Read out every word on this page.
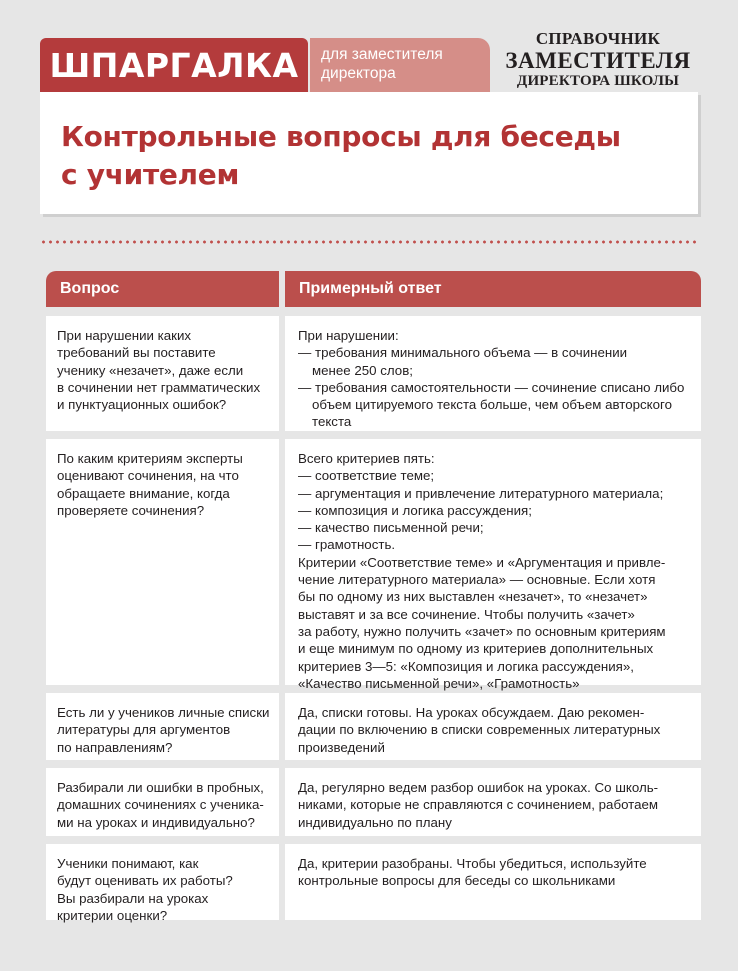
ШПАРГАЛКА	для заместителя
директора
СПРАВОЧНИК
ЗАМЕСТИТЕЛЯ
ДИРЕКТОРА ШКОЛЫ
Контрольные вопросы для беседы
с учителем
Вопрос	Примерный ответ
При нарушении каких
требований вы поставите
ученику «незачет», даже если
в сочинении нет грамматических
и пунктуационных ошибок?
При нарушении:
— требования минимального объема — в сочинении
менее 250 слов;
— требования самостоятельности — сочинение списано либо
объем цитируемого текста больше, чем объем авторского
текста
По каким критериям эксперты
оценивают сочинения, на что
обращаете внимание, когда
проверяете сочинения?
Всего критериев пять:
— соответствие теме;
— аргументация и привлечение литературного материала;
— композиция и логика рассуждения;
— качество письменной речи;
— грамотность.
Критерии «Соответствие теме» и «Аргументация и привле-
чение литературного материала» — основные. Если хотя
бы по одному из них выставлен «незачет», то «незачет»
выставят и за все сочинение. Чтобы получить «зачет»
за работу, нужно получить «зачет» по основным критериям
и еще минимум по одному из критериев дополнительных
критериев 3—5: «Композиция и логика рассуждения»,
«Качество письменной речи», «Грамотность»
Есть ли у учеников личные списки
литературы для аргументов
по направлениям?
Да, списки готовы. На уроках обсуждаем. Даю рекомен-
дации по включению в списки современных литературных
произведений
Разбирали ли ошибки в пробных,
домашних сочинениях с ученика-
ми на уроках и индивидуально?
Да, регулярно ведем разбор ошибок на уроках. Со школь-
никами, которые не справляются с сочинением, работаем
индивидуально по плану
Ученики понимают, как
будут оценивать их работы?
Вы разбирали на уроках
критерии оценки?
Да, критерии разобраны. Чтобы убедиться, используйте
контрольные вопросы для беседы со школьниками
